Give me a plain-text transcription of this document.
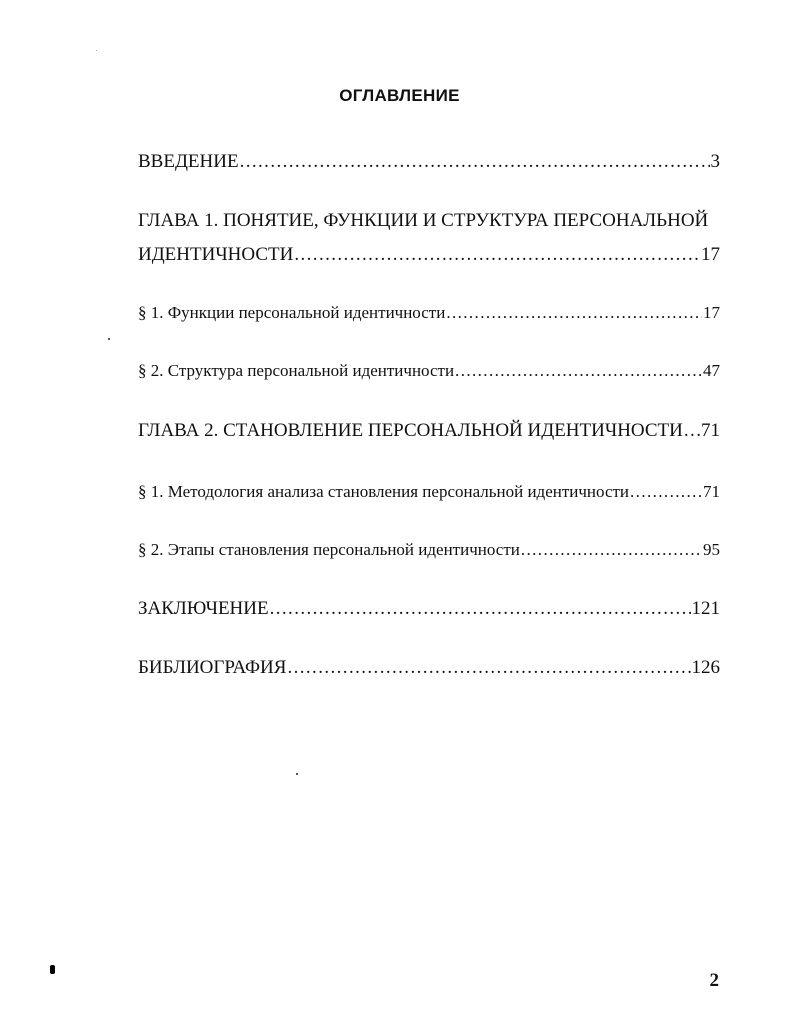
ОГЛАВЛЕНИЕ
ВВЕДЕНИЕ .....	3
ГЛАВА 1. ПОНЯТИЕ, ФУНКЦИИ И СТРУКТУРА ПЕРСОНАЛЬНОЙ
ИДЕНТИЧНОСТИ .....	17
§ 1. Функции персональной идентичности .....	17
§ 2. Структура персональной идентичности .....	47
ГЛАВА 2. СТАНОВЛЕНИЕ ПЕРСОНАЛЬНОЙ ИДЕНТИЧНОСТИ ..... 71
§ 1. Методология анализа становления персональной идентичности .....	71
§ 2. Этапы становления персональной идентичности .....	95
ЗАКЛЮЧЕНИЕ .....	121
БИБЛИОГРАФИЯ .....	126
2
